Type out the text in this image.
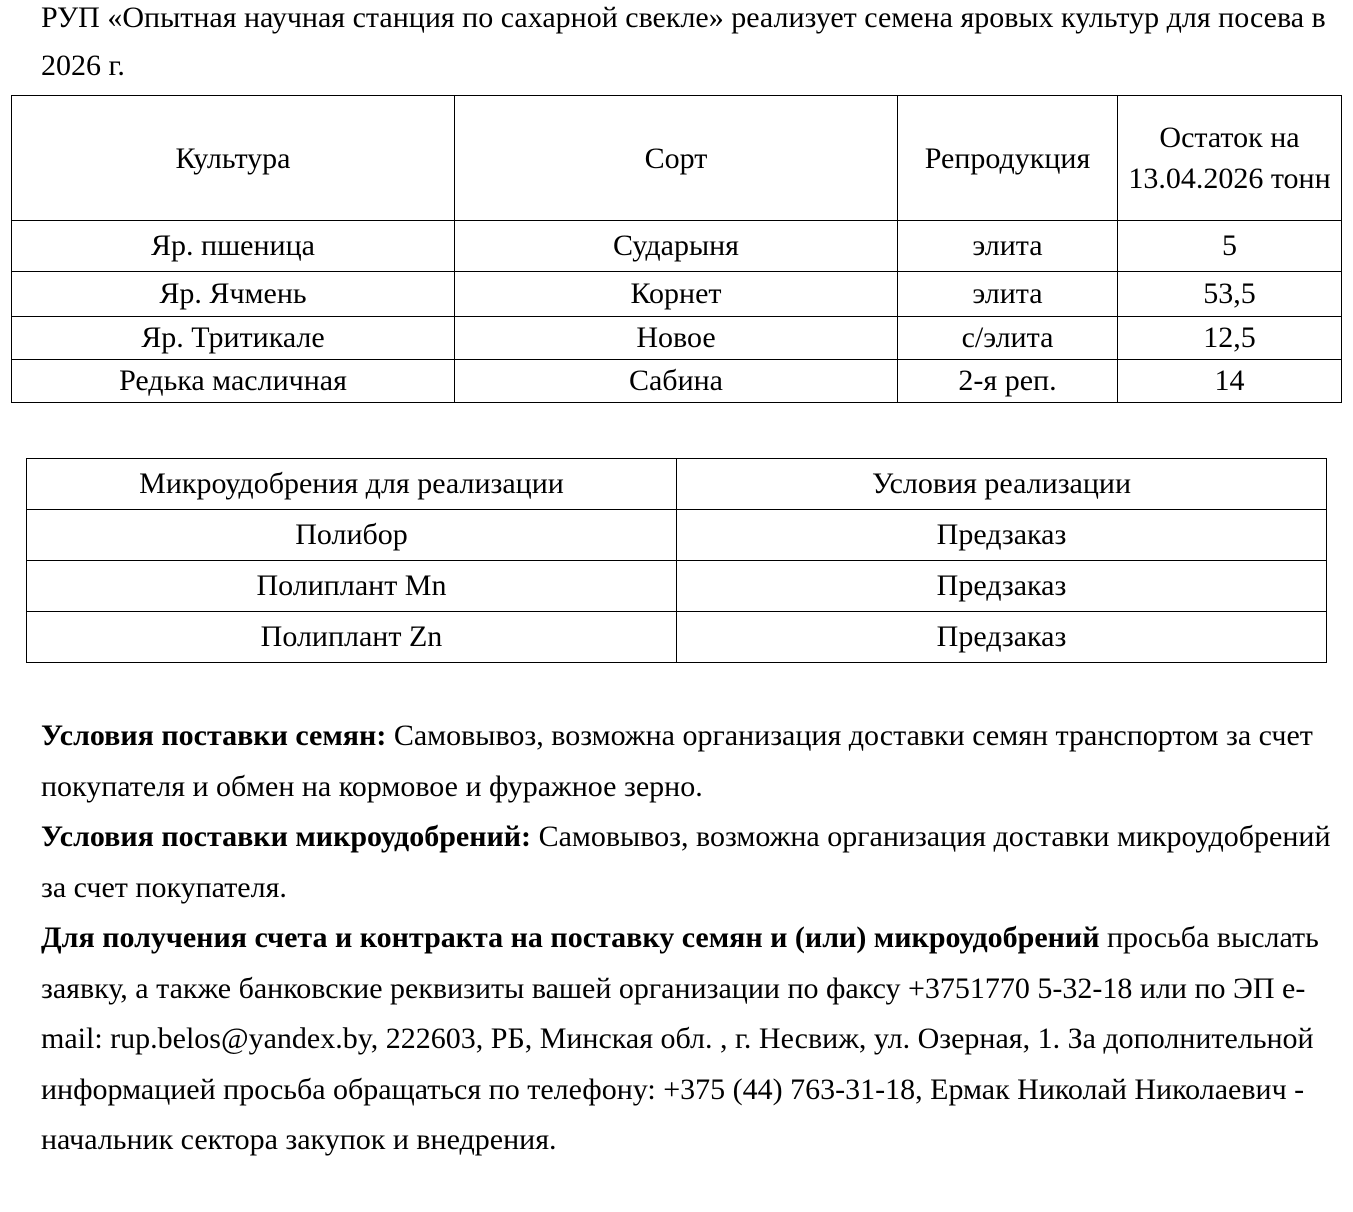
РУП «Опытная научная станция по сахарной свекле» реализует семена яровых культур для посева в 2026 г.

Культура	Сорт	Репродукция	Остаток на 13.04.2026 тонн
Яр. пшеница	Сударыня	элита	5
Яр. Ячмень	Корнет	элита	53,5
Яр. Тритикале	Новое	с/элита	12,5
Редька масличная	Сабина	2-я реп.	14
Микроудобрения для реализации	Условия реализации
Полибор	Предзаказ
Полиплант Mn	Предзаказ
Полиплант Zn	Предзаказ

Условия поставки семян: Самовывоз, возможна организация доставки семян транспортом за счет покупателя и обмен на кормовое и фуражное зерно.

Условия поставки микроудобрений: Самовывоз, возможна организация доставки микроудобрений за счет покупателя.

Для получения счета и контракта на поставку семян и (или) микроудобрений просьба выслать заявку, а также банковские реквизиты вашей организации по факсу +3751770 5-32-18 или по ЭП e-mail: rup.belos@yandex.by, 222603, РБ, Минская обл. , г. Несвиж, ул. Озерная, 1. За дополнительной информацией просьба обращаться по телефону: +375 (44) 763-31-18, Ермак Николай Николаевич - начальник сектора закупок и внедрения.
